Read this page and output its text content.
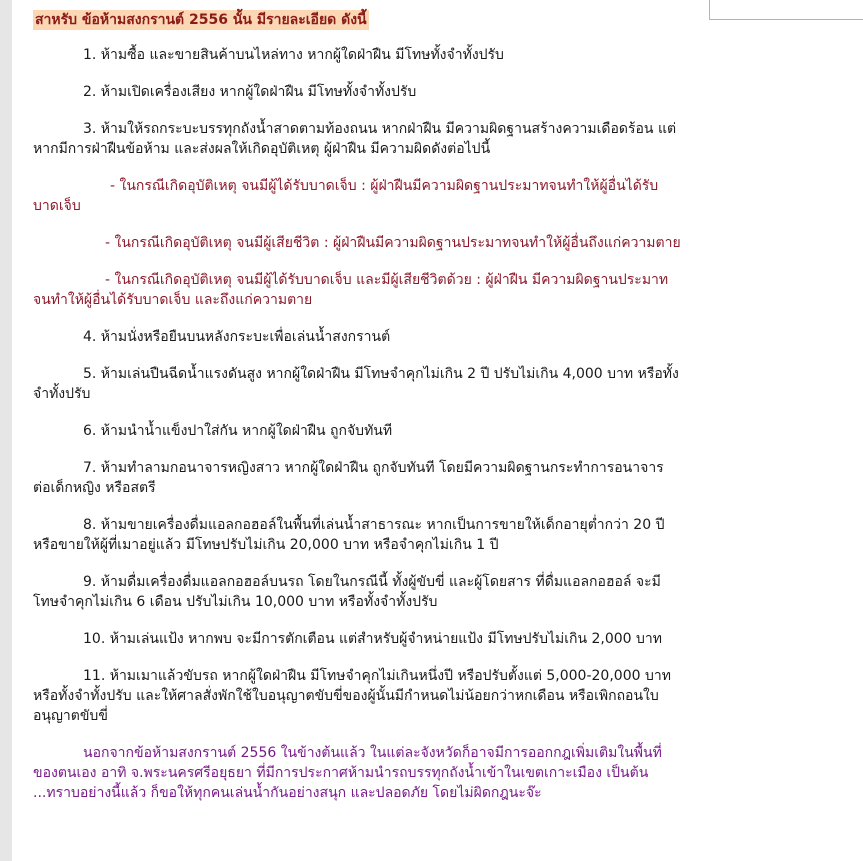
สาหรับ ข้อห้ามสงกรานต์ 2556 นั้น มีรายละเอียด ดังนี้

1. ห้ามซื้อ และขายสินค้าบนไหล่ทาง หากผู้ใดฝ่าฝืน มีโทษทั้งจำทั้งปรับ

2. ห้ามเปิดเครื่องเสียง หากผู้ใดฝ่าฝืน มีโทษทั้งจำทั้งปรับ

3. ห้ามให้รถกระบะบรรทุกถังน้ำสาดตามท้องถนน หากฝ่าฝืน มีความผิดฐานสร้างความเดือดร้อน แต่หากมีการฝ่าฝืนข้อห้าม และส่งผลให้เกิดอุบัติเหตุ ผู้ฝ่าฝืน มีความผิดดังต่อไปนี้

- ในกรณีเกิดอุบัติเหตุ จนมีผู้ได้รับบาดเจ็บ : ผู้ฝ่าฝืนมีความผิดฐานประมาทจนทำให้ผู้อื่นได้รับบาดเจ็บ

- ในกรณีเกิดอุบัติเหตุ จนมีผู้เสียชีวิต : ผู้ฝ่าฝืนมีความผิดฐานประมาทจนทำให้ผู้อื่นถึงแก่ความตาย

- ในกรณีเกิดอุบัติเหตุ จนมีผู้ได้รับบาดเจ็บ และมีผู้เสียชีวิตด้วย : ผู้ฝ่าฝืน มีความผิดฐานประมาทจนทำให้ผู้อื่นได้รับบาดเจ็บ และถึงแก่ความตาย

4. ห้ามนั่งหรือยืนบนหลังกระบะเพื่อเล่นน้ำสงกรานต์

5. ห้ามเล่นปืนฉีดน้ำแรงดันสูง หากผู้ใดฝ่าฝืน มีโทษจำคุกไม่เกิน 2 ปี ปรับไม่เกิน 4,000 บาท หรือทั้งจำทั้งปรับ

6. ห้ามนำน้ำแข็งปาใส่กัน หากผู้ใดฝ่าฝืน ถูกจับทันที

7. ห้ามทำลามกอนาจารหญิงสาว หากผู้ใดฝ่าฝืน ถูกจับทันที โดยมีความผิดฐานกระทำการอนาจาร ต่อเด็กหญิง หรือสตรี

8. ห้ามขายเครื่องดื่มแอลกอฮอล์ในพื้นที่เล่นน้ำสาธารณะ หากเป็นการขายให้เด็กอายุต่ำกว่า 20 ปี หรือขายให้ผู้ที่เมาอยู่แล้ว มีโทษปรับไม่เกิน 20,000 บาท หรือจำคุกไม่เกิน 1 ปี

9. ห้ามดื่มเครื่องดื่มแอลกอฮอล์บนรถ โดยในกรณีนี้ ทั้งผู้ขับขี่ และผู้โดยสาร ที่ดื่มแอลกอฮอล์ จะมีโทษจำคุกไม่เกิน 6 เดือน ปรับไม่เกิน 10,000 บาท หรือทั้งจำทั้งปรับ

10. ห้ามเล่นแป้ง หากพบ จะมีการตักเตือน แต่สำหรับผู้จำหน่ายแป้ง มีโทษปรับไม่เกิน 2,000 บาท

11. ห้ามเมาแล้วขับรถ หากผู้ใดฝ่าฝืน มีโทษจำคุกไม่เกินหนึ่งปี หรือปรับตั้งแต่ 5,000-20,000 บาท หรือทั้งจำทั้งปรับ และให้ศาลสั่งพักใช้ใบอนุญาตขับขี่ของผู้นั้นมีกำหนดไม่น้อยกว่าหกเดือน หรือเพิกถอนใบอนุญาตขับขี่

นอกจากข้อห้ามสงกรานต์ 2556 ในข้างต้นแล้ว ในแต่ละจังหวัดก็อาจมีการออกกฎเพิ่มเติมในพื้นที่ของตนเอง อาทิ จ.พระนครศรีอยุธยา ที่มีการประกาศห้ามนำรถบรรทุกถังน้ำเข้าในเขตเกาะเมือง เป็นต้น ...ทราบอย่างนี้แล้ว ก็ขอให้ทุกคนเล่นน้ำกันอย่างสนุก และปลอดภัย โดยไม่ผิดกฎนะจ๊ะ
